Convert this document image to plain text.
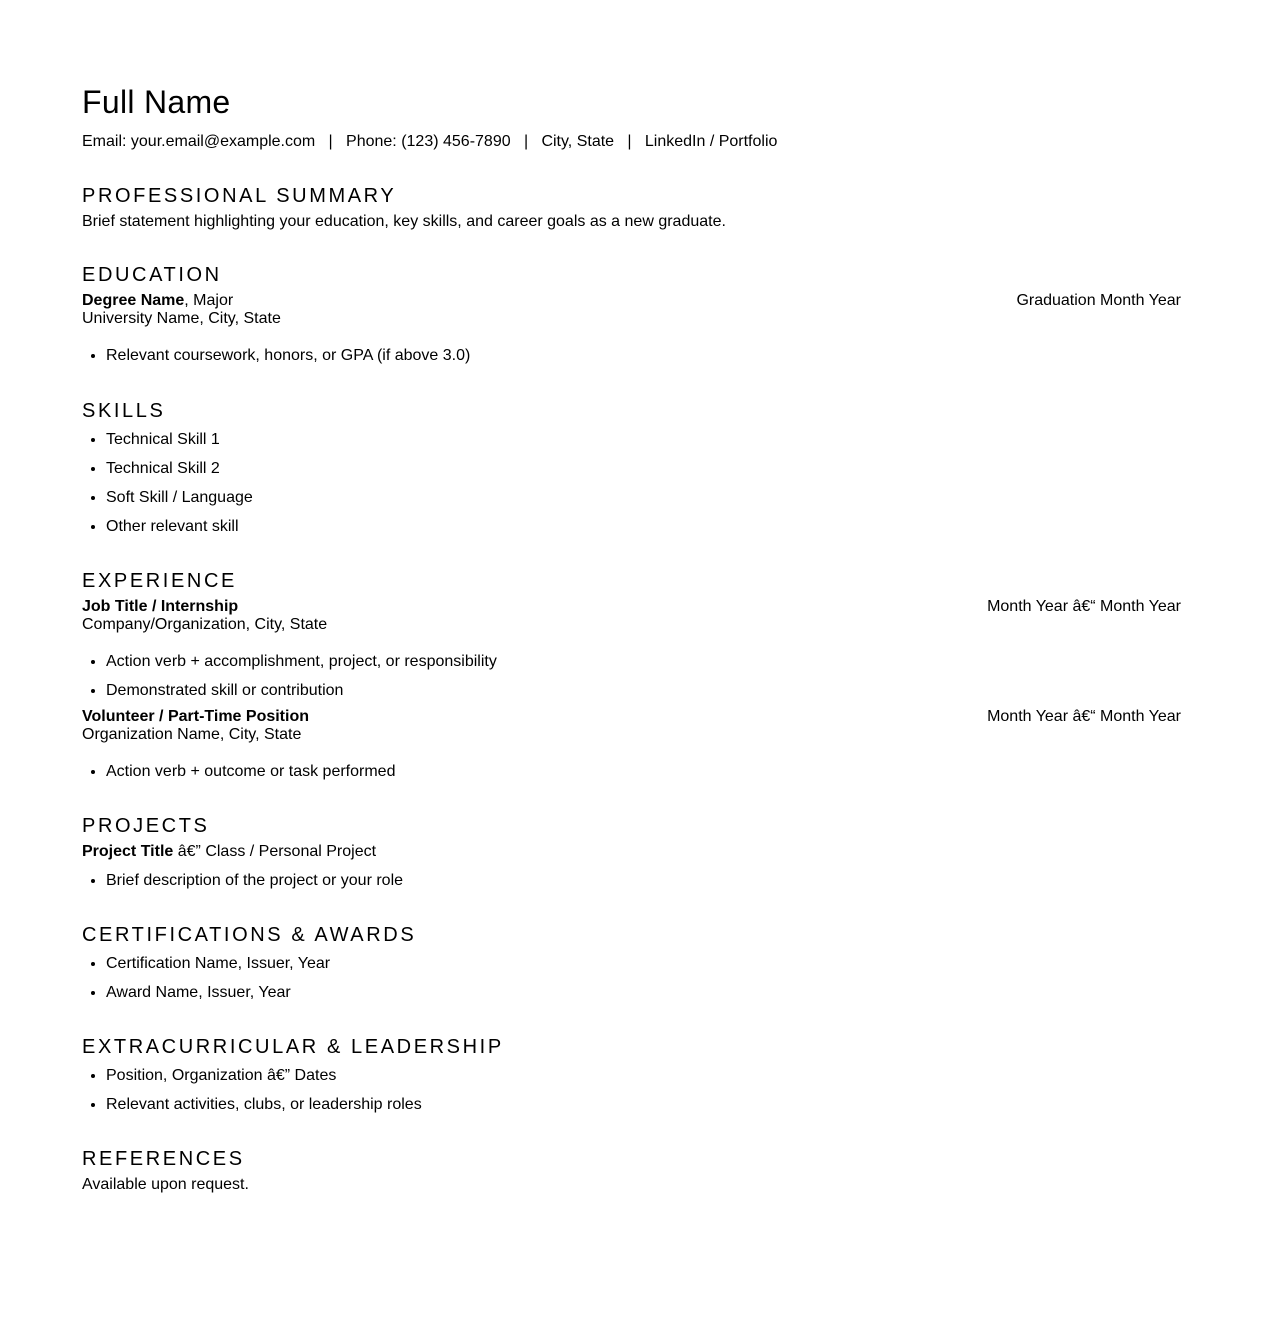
Full Name
Email: your.email@example.com   |   Phone: (123) 456-7890   |   City, State   |   LinkedIn / Portfolio
PROFESSIONAL SUMMARY
Brief statement highlighting your education, key skills, and career goals as a new graduate.
EDUCATION
Degree Name, Major	Graduation Month Year
University Name, City, State
• Relevant coursework, honors, or GPA (if above 3.0)
SKILLS
• Technical Skill 1
• Technical Skill 2
• Soft Skill / Language
• Other relevant skill
EXPERIENCE
Job Title / Internship	Month Year â€“ Month Year
Company/Organization, City, State
• Action verb + accomplishment, project, or responsibility
• Demonstrated skill or contribution
Volunteer / Part-Time Position	Month Year â€“ Month Year
Organization Name, City, State
• Action verb + outcome or task performed
PROJECTS
Project Title â€” Class / Personal Project
• Brief description of the project or your role
CERTIFICATIONS & AWARDS
• Certification Name, Issuer, Year
• Award Name, Issuer, Year
EXTRACURRICULAR & LEADERSHIP
• Position, Organization â€” Dates
• Relevant activities, clubs, or leadership roles
REFERENCES
Available upon request.
